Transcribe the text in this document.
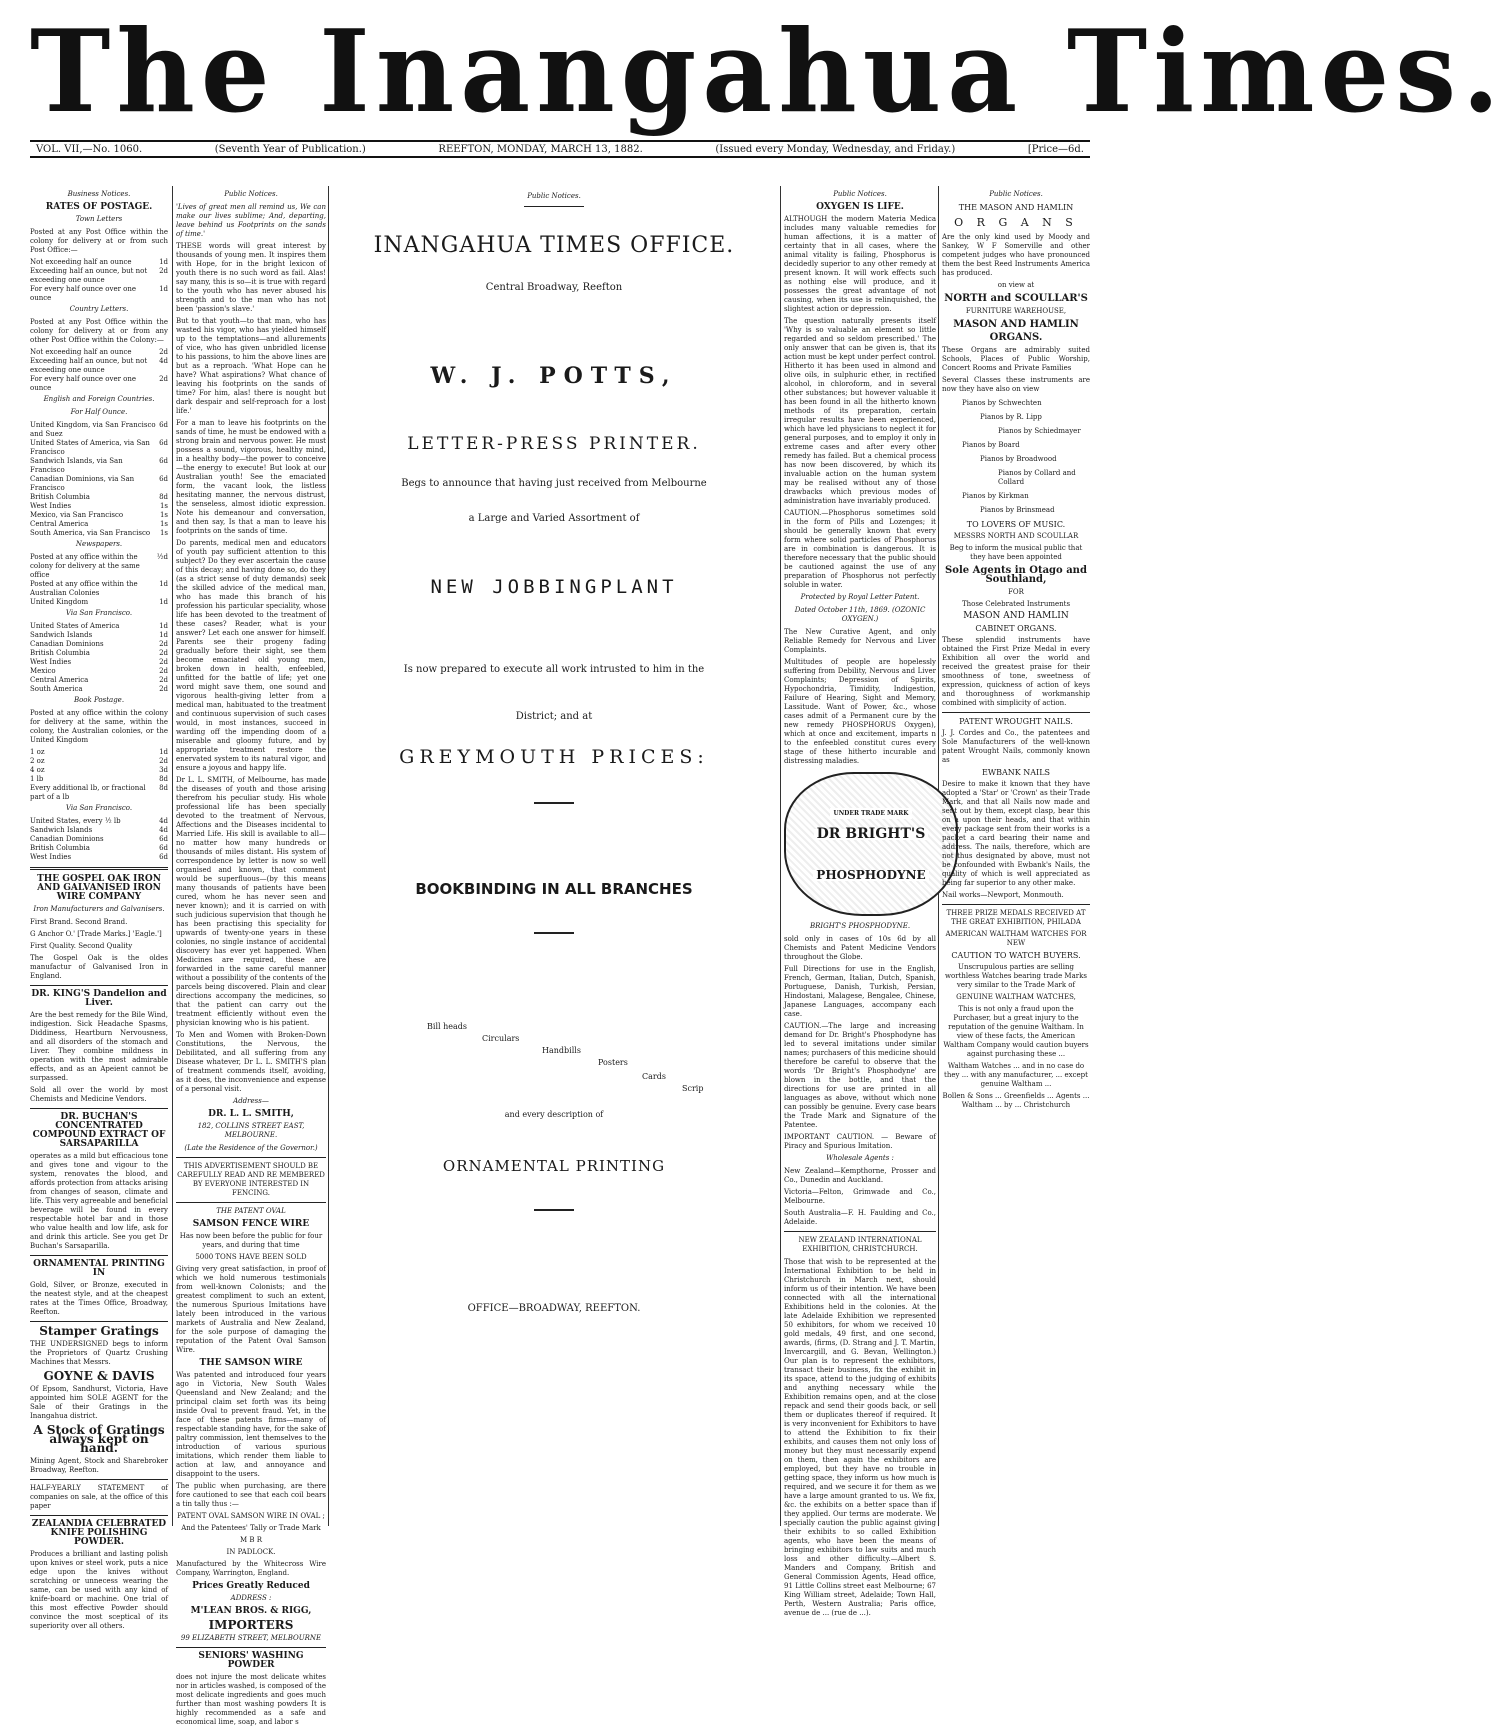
The Inangahua Times.
VOL. VII,—No. 1060.	(Seventh Year of Publication.)	REEFTON, MONDAY, MARCH 13, 1882.	(Issued every Monday, Wednesday, and Friday.)	[Price—6d.
Business Notices.
RATES OF POSTAGE.
Town Letters

Posted at any Post Office within the colony for delivery at or from such Post Office:—

Not exceeding half an ounce	1d
Exceeding half an ounce, but not exceeding one ounce	2d
For every half ounce over one ounce	1d
Country Letters.

Posted at any Post Office within the colony for delivery at or from any other Post Office within the Colony:—

Not exceeding half an ounce	2d
Exceeding half an ounce, but not exceeding one ounce	4d
For every half ounce over one ounce	2d
English and Foreign Countries.
For Half Ounce.
United Kingdom, via San Francisco and Suez	6d
United States of America, via San Francisco	6d
Sandwich Islands, via San Francisco	6d
Canadian Dominions, via San Francisco	6d
British Columbia	8d
West Indies	1s
Mexico, via San Francisco	1s
Central America	1s
South America, via San Francisco	1s
Newspapers.
Posted at any office within the colony for delivery at the same office	½d
Posted at any office within the Australian Colonies	1d
United Kingdom	1d
Via San Francisco.
United States of America	1d
Sandwich Islands	1d
Canadian Dominions	2d
British Columbia	2d
West Indies	2d
Mexico	2d
Central America	2d
South America	2d
Book Postage.

Posted at any office within the colony for delivery at the same, within the colony, the Australian colonies, or the United Kingdom

1 oz	1d
2 oz	2d
4 oz	3d
1 lb	8d
Every additional lb, or fractional part of a lb	8d
Via San Francisco.
United States, every ½ lb	4d
Sandwich Islands	4d
Canadian Dominions	6d
British Columbia	6d
West Indies	6d
THE GOSPEL OAK IRON AND GALVANISED IRON WIRE COMPANY
Iron Manufacturers and Galvanisers.

First Brand. Second Brand.

G Anchor O.' [Trade Marks.] 'Eagle.']

First Quality. Second Quality

The Gospel Oak is the oldes manufactur of Galvanised Iron in England.

DR. KING'S Dandelion and Liver.

Are the best remedy for the Bile Wind, indigestion. Sick Headache Spasms, Diddiness, Heartburn Nervousness, and all disorders of the stomach and Liver. They combine mildness in operation with the most admirable effects, and as an Apeient cannot be surpassed.

Sold all over the world by most Chemists and Medicine Vendors.

DR. BUCHAN'S CONCENTRATED COMPOUND EXTRACT OF SARSAPARILLA

operates as a mild but efficacious tone and gives tone and vigour to the system, renovates the blood, and affords protection from attacks arising from changes of season, climate and life. This very agreeable and beneficial beverage will be found in every respectable hotel bar and in those who value health and low life, ask for and drink this article. See you get Dr Buchan's Sarsaparilla.

ORNAMENTAL PRINTING IN

Gold, Silver, or Bronze, executed in the neatest style, and at the cheapest rates at the Times Office, Broadway, Reefton.

Stamper Gratings

THE UNDERSIGNED begs to inform the Proprietors of Quartz Crushing Machines that Messrs.

GOYNE & DAVIS

Of Epsom, Sandhurst, Victoria, Have appointed him SOLE AGENT for the Sale of their Gratings in the Inangahua district.

A Stock of Gratings always kept on hand.

Mining Agent, Stock and Sharebroker Broadway, Reefton.

HALF-YEARLY STATEMENT of companies on sale, at the office of this paper

ZEALANDIA CELEBRATED KNIFE POLISHING POWDER.

Produces a brilliant and lasting polish upon knives or steel work, puts a nice edge upon the knives without scratching or unnecess wearing the same, can be used with any kind of knife-board or machine. One trial of this most effective Powder should convince the most sceptical of its superiority over all others.

Public Notices.

'Lives of great men all remind us, We can make our lives sublime; And, departing, leave behind us Footprints on the sands of time.'

THESE words will great interest by thousands of young men. It inspires them with Hope, for in the bright lexicon of youth there is no such word as fail. Alas! say many, this is so—it is true with regard to the youth who has never abused his strength and to the man who has not been 'passion's slave.'

But to that youth—to that man, who has wasted his vigor, who has yielded himself up to the temptations—and allurements of vice, who has given unbridled license to his passions, to him the above lines are but as a reproach. 'What Hope can he have? What aspirations? What chance of leaving his footprints on the sands of time? For him, alas! there is nought but dark despair and self-reproach for a lost life.'

For a man to leave his footprints on the sands of time, he must be endowed with a strong brain and nervous power. He must possess a sound, vigorous, healthy mind, in a healthy body—the power to conceive—the energy to execute! But look at our Australian youth! See the emaciated form, the vacant look, the listless hesitating manner, the nervous distrust, the senseless, almost idiotic expression. Note his demeanour and conversation, and then say, Is that a man to leave his footprints on the sands of time.

Do parents, medical men and educators of youth pay sufficient attention to this subject? Do they ever ascertain the cause of this decay; and having done so, do they (as a strict sense of duty demands) seek the skilled advice of the medical man, who has made this branch of his profession his particular speciality, whose life has been devoted to the treatment of these cases? Reader, what is your answer? Let each one answer for himself. Parents see their progeny fading gradually before their sight, see them become emaciated old young men, broken down in health, enfeebled, unfitted for the battle of life; yet one word might save them, one sound and vigorous health-giving letter from a medical man, habituated to the treatment and continuous supervision of such cases would, in most instances, succeed in warding off the impending doom of a miserable and gloomy future, and by appropriate treatment restore the enervated system to its natural vigor, and ensure a joyous and happy life.

Dr L. L. SMITH, of Melbourne, has made the diseases of youth and those arising therefrom his peculiar study. His whole professional life has been specially devoted to the treatment of Nervous, Affections and the Diseases incidental to Married Life. His skill is available to all—no matter how many hundreds or thousands of miles distant. His system of correspondence by letter is now so well organised and known, that comment would be superfluous—(by this means many thousands of patients have been cured, whom he has never seen and never known); and it is carried on with such judicious supervision that though he has been practising this speciality for upwards of twenty-one years in these colonies, no single instance of accidental discovery has ever yet happened. When Medicines are required, these are forwarded in the same careful manner without a possibility of the contents of the parcels being discovered. Plain and clear directions accompany the medicines, so that the patient can carry out the treatment efficiently without even the physician knowing who is his patient.

To Men and Women with Broken-Down Constitutions, the Nervous, the Debilitated, and all suffering from any Disease whatever, Dr L. L. SMITH'S plan of treatment commends itself, avoiding, as it does, the inconvenience and expense of a personal visit.

Address—
DR. L. L. SMITH,
182, COLLINS STREET EAST, MELBOURNE.
(Late the Residence of the Governor.)

THIS ADVERTISEMENT SHOULD BE CAREFULLY READ AND RE MEMBERED BY EVERYONE INTERESTED IN FENCING.

THE PATENT OVAL
SAMSON FENCE WIRE

Has now been before the public for four years, and during that time

5000 TONS HAVE BEEN SOLD

Giving very great satisfaction, in proof of which we hold numerous testimonials from well-known Colonists; and the greatest compliment to such an extent, the numerous Spurious Imitations have lately been introduced in the various markets of Australia and New Zealand, for the sole purpose of damaging the reputation of the Patent Oval Samson Wire.

THE SAMSON WIRE

Was patented and introduced four years ago in Victoria, New South Wales Queensland and New Zealand; and the principal claim set forth was its being inside Oval to prevent fraud. Yet, in the face of these patents firms—many of respectable standing have, for the sake of paltry commission, lent themselves to the introduction of various spurious imitations, which render them liable to action at law, and annoyance and disappoint to the users.

The public when purchasing, are there fore cautioned to see that each coil bears a tin tally thus :—

PATENT OVAL SAMSON WIRE IN OVAL ;

And the Patentees' Tally or Trade Mark

M B R

IN PADLOCK.

Manufactured by the Whitecross Wire Company, Warrington, England.

Prices Greatly Reduced
ADDRESS :
M'LEAN BROS. & RIGG,
IMPORTERS
99 ELIZABETH STREET, MELBOURNE
SENIORS' WASHING POWDER

does not injure the most delicate whites nor in articles washed, is composed of the most delicate ingredients and goes much further than most washing powders It is highly recommended as a safe and economical lime, soap, and labor s

Public Notices.
INANGAHUA TIMES OFFICE.
Central Broadway, Reefton
W. J. POTTS,
LETTER-PRESS PRINTER.
Begs to announce that having just received from Melbourne
a Large and Varied Assortment of
NEW JOBBINGPLANT
Is now prepared to execute all work intrusted to him in the
District; and at
GREYMOUTH PRICES:
BOOKBINDING IN ALL BRANCHES
Bill heads
Circulars
Handbills
Posters
Cards
Scrip
and every description of
ORNAMENTAL PRINTING
OFFICE—BROADWAY, REEFTON.
Public Notices.
OXYGEN IS LIFE.

ALTHOUGH the modern Materia Medica includes many valuable remedies for human affections, it is a matter of certainty that in all cases, where the animal vitality is failing, Phosphorus is decidedly superior to any other remedy at present known. It will work effects such as nothing else will produce, and it possesses the great advantage of not causing, when its use is relinquished, the slightest action or depression.

The question naturally presents itself 'Why is so valuable an element so little regarded and so seldom prescribed.' The only answer that can be given is, that its action must be kept under perfect control. Hitherto it has been used in almond and olive oils, in sulphuric ether, in rectified alcohol, in chloroform, and in several other substances; but however valuable it has been found in all the hitherto known methods of its preparation, certain irregular results have been experienced, which have led physicians to neglect it for general purposes, and to employ it only in extreme cases and after every other remedy has failed. But a chemical process has now been discovered, by which its invaluable action on the human system may be realised without any of those drawbacks which previous modes of administration have invariably produced.

CAUTION.—Phosphorus sometimes sold in the form of Pills and Lozenges; it should be generally known that every form where solid particles of Phosphorus are in combination is dangerous. It is therefore necessary that the public should be cautioned against the use of any preparation of Phosphorus not perfectly soluble in water.

Protected by Royal Letter Patent.
Dated October 11th, 1869. (OZONIC OXYGEN.)

The New Curative Agent, and only Reliable Remedy for Nervous and Liver Complaints.

Multitudes of people are hopelessly suffering from Debility, Nervous and Liver Complaints; Depression of Spirits, Hypochondria, Timidity, Indigestion, Failure of Hearing, Sight and Memory, Lassitude. Want of Power, &c., whose cases admit of a Permanent cure by the new remedy PHOSPHORUS Oxygen), which at once and excitement, imparts n to the enfeebled constitut cures every stage of these hitherto incurable and distressing maladies.

UNDER TRADE MARK
DR BRIGHT'S
PHOSPHODYNE
BRIGHT'S PHOSPHODYNE.

sold only in cases of 10s 6d by all Chemists and Patent Medicine Vendors throughout the Globe.

Full Directions for use in the English, French, German, Italian, Dutch, Spanish, Portuguese, Danish, Turkish, Persian, Hindostani, Malagese, Bengalee, Chinese, Japanese Languages, accompany each case.

CAUTION.—The large and increasing demand for Dr. Bright's Phosphodyne has led to several imitations under similar names; purchasers of this medicine should therefore be careful to observe that the words 'Dr Bright's Phosphodyne' are blown in the bottle, and that the directions for use are printed in all languages as above, without which none can possibly be genuine. Every case bears the Trade Mark and Signature of the Patentee.

IMPORTANT CAUTION. — Beware of Piracy and Spurious Imitation.

Wholesale Agents :

New Zealand—Kempthorne, Prosser and Co., Dunedin and Auckland.

Victoria—Felton, Grimwade and Co., Melbourne.

South Australia—F. H. Faulding and Co., Adelaide.

NEW ZEALAND INTERNATIONAL EXHIBITION, CHRISTCHURCH.

Those that wish to be represented at the International Exhibition to be held in Christchurch in March next, should inform us of their intention. We have been connected with all the international Exhibitions held in the colonies. At the late Adelaide Exhibition we represented 50 exhibitors, for whom we received 10 gold medals, 49 first, and one second, awards, (firms, (D. Strang and J. T. Martin, Invercargill, and G. Bevan, Wellington.) Our plan is to represent the exhibitors, transact their business, fix the exhibit in its space, attend to the judging of exhibits and anything necessary while the Exhibition remains open, and at the close repack and send their goods back, or sell them or duplicates thereof if required. It is very inconvenient for Exhibitors to have to attend the Exhibition to fix their exhibits, and causes them not only loss of money but they must necessarily expend on them, then again the exhibitors are employed, but they have no trouble in getting space, they inform us how much is required, and we secure it for them as we have a large amount granted to us. We fix, &c. the exhibits on a better space than if they applied. Our terms are moderate. We specially caution the public against giving their exhibits to so called Exhibition agents, who have been the means of bringing exhibitors to law suits and much loss and other difficulty.—Albert S. Manders and Company, British and General Commission Agents, Head office, 91 Little Collins street east Melbourne; 67 King William street, Adelaide; Town Hall, Perth, Western Australia; Paris office, avenue de ... (rue de ...).

Public Notices.
THE MASON AND HAMLIN
O R G A N S

Are the only kind used by Moody and Sankey, W F Somerville and other competent judges who have pronounced them the best Reed Instruments America has produced.

on view at
NORTH and SCOULLAR'S
FURNITURE WAREHOUSE,
MASON AND HAMLIN
ORGANS.

These Organs are admirably suited Schools, Places of Public Worship, Concert Rooms and Private Families

Several Classes these instruments are now they have also on view

Pianos by Schwechten
Pianos by R. Lipp
Pianos by Schiedmayer
Pianos by Board
Pianos by Broadwood
Pianos by Collard and Collard
Pianos by Kirkman
Pianos by Brinsmead
TO LOVERS OF MUSIC.
MESSRS NORTH AND SCOULLAR

Beg to inform the musical public that they have been appointed

Sole Agents in Otago and Southland,
FOR
Those Celebrated Instruments
MASON AND HAMLIN
CABINET ORGANS.

These splendid instruments have obtained the First Prize Medal in every Exhibition all over the world and received the greatest praise for their smoothness of tone, sweetness of expression, quickness of action of keys and thoroughness of workmanship combined with simplicity of action.

PATENT WROUGHT NAILS.

J. J. Cordes and Co., the patentees and Sole Manufacturers of the well-known patent Wrought Nails, commonly known as

EWBANK NAILS

Desire to make it known that they have adopted a 'Star' or 'Crown' as their Trade Mark, and that all Nails now made and sent out by them, except clasp, bear this on a upon their heads, and that within every package sent from their works is a packet a card bearing their name and address. The nails, therefore, which are not thus designated by above, must not be confounded with Ewbank's Nails, the quality of which is well appreciated as being far superior to any other make.

Nail works—Newport, Monmouth.

THREE PRIZE MEDALS RECEIVED AT THE GREAT EXHIBITION, PHILADA
AMERICAN WALTHAM WATCHES FOR NEW
CAUTION TO WATCH BUYERS.

Unscrupulous parties are selling worthless Watches bearing trade Marks very similar to the Trade Mark of

GENUINE WALTHAM WATCHES,

This is not only a fraud upon the Purchaser, but a great injury to the reputation of the genuine Waltham. In view of these facts, the American Waltham Company would caution buyers against purchasing these ...

Waltham Watches ... and in no case do they ... with any manufacturer, ... except genuine Waltham ...

Bollen & Sons ... Greenfields ... Agents ... Waltham ... by ... Christchurch
